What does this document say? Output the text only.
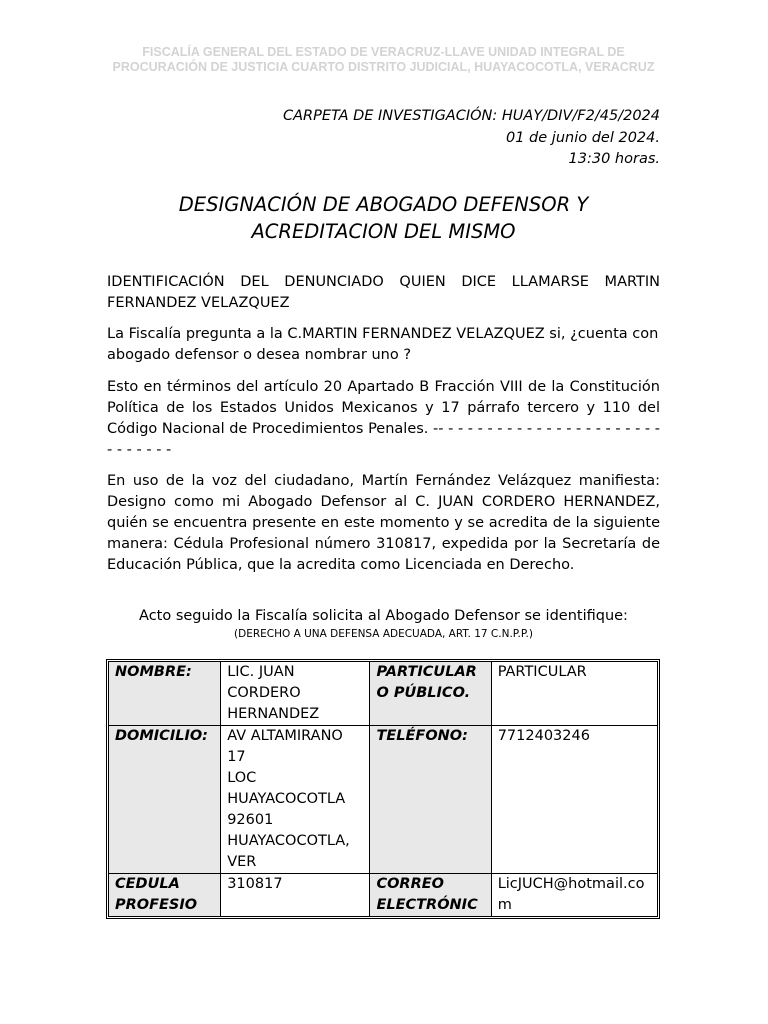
FISCALÍA GENERAL DEL ESTADO DE VERACRUZ-LLAVE UNIDAD INTEGRAL DE PROCURACIÓN DE JUSTICIA CUARTO DISTRITO JUDICIAL, HUAYACOCOTLA, VERACRUZ
CARPETA DE INVESTIGACIÓN: HUAY/DIV/F2/45/2024
01 de junio del 2024.
13:30 horas.
DESIGNACIÓN DE ABOGADO DEFENSOR Y
ACREDITACION DEL MISMO

IDENTIFICACIÓN DEL DENUNCIADO QUIEN DICE LLAMARSE MARTIN FERNANDEZ VELAZQUEZ

La Fiscalía pregunta a la C.MARTIN FERNANDEZ VELAZQUEZ si, ¿cuenta con abogado defensor o desea nombrar uno ?

Esto en términos del artículo 20 Apartado B Fracción VIII de la Constitución Política de los Estados Unidos Mexicanos y 17 párrafo tercero y 110 del Código Nacional de Procedimientos Penales. -- - - - - - - - - - - - - - - - - - - - - - - - - - - - - -

En uso de la voz del ciudadano, Martín Fernández Velázquez manifiesta: Designo como mi Abogado Defensor al C. JUAN CORDERO HERNANDEZ, quién se encuentra presente en este momento y se acredita de la siguiente manera: Cédula Profesional número 310817, expedida por la Secretaría de Educación Pública, que la acredita como Licenciada en Derecho.

Acto seguido la Fiscalía solicita al Abogado Defensor se identifique:
(DERECHO A UNA DEFENSA ADECUADA, ART. 17 C.N.P.P.)
NOMBRE:	LIC. JUAN CORDERO HERNANDEZ	PARTICULAR O PÚBLICO.	PARTICULAR
DOMICILIO:	AV ALTAMIRANO 17
LOC HUAYACOCOTLA
92601
HUAYACOCOTLA, VER	TELÉFONO:	7712403246
CEDULA PROFESIO	310817	CORREO ELECTRÓNIC	LicJUCH@hotmail.com
